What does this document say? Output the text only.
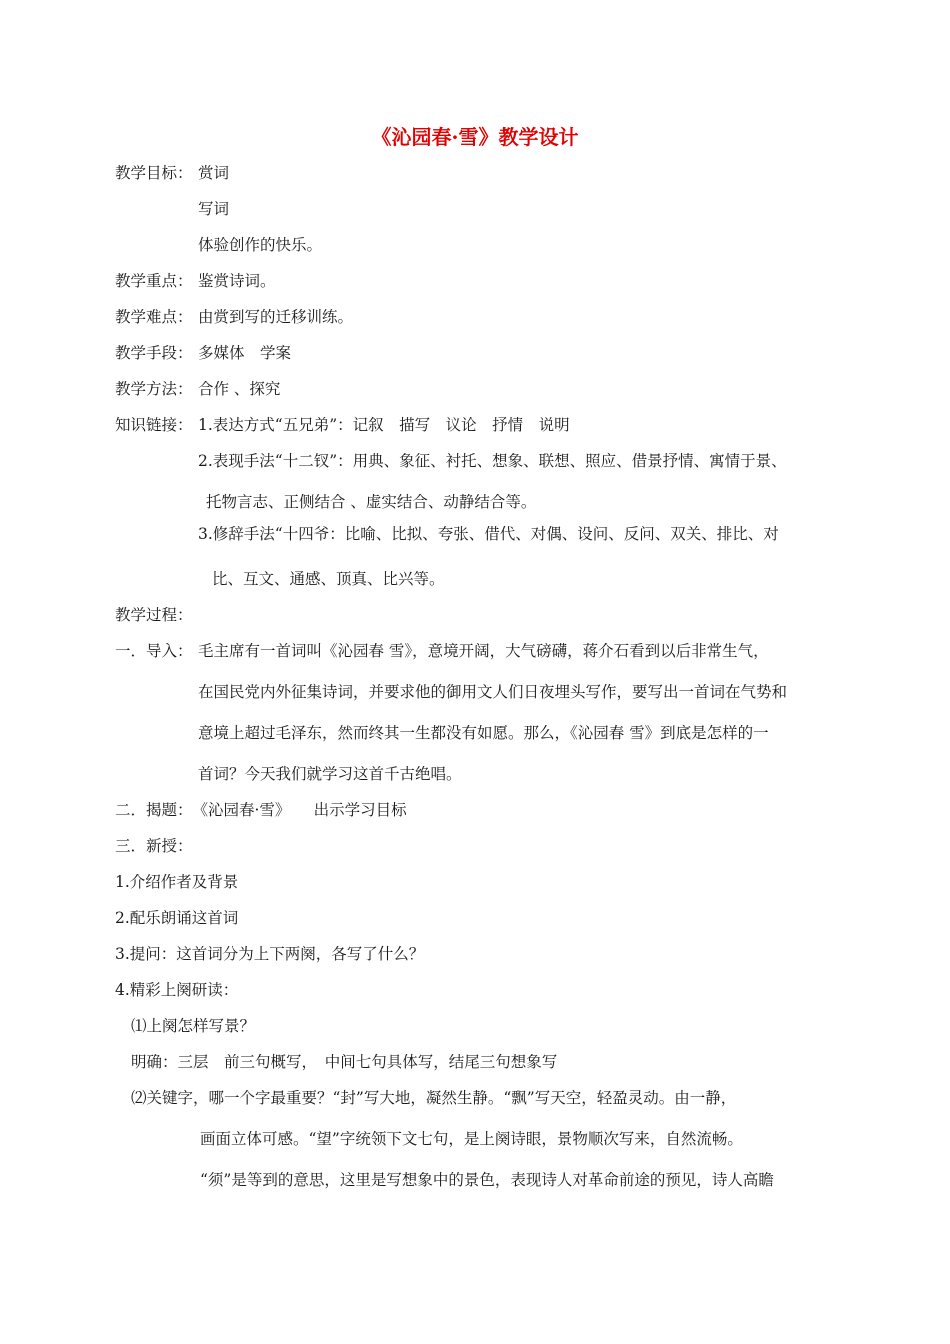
《沁园春·雪》教学设计
教学目标： 赏词
写词
体验创作的快乐。
教学重点： 鉴赏诗词。
教学难点： 由赏到写的迁移训练。
教学手段： 多媒体　学案
教学方法： 合作 、探究
知识链接： 1.表达方式“五兄弟”：记叙　描写　议论　抒情　说明
2.表现手法“十二钗”：用典、象征、衬托、想象、联想、照应、借景抒情、寓情于景、
托物言志、正侧结合 、虚实结合、动静结合等。
3.修辞手法“十四爷：比喻、比拟、夸张、借代、对偶、设问、反问、双关、排比、对
比、互文、通感、顶真、比兴等。
教学过程：
一．导入： 毛主席有一首词叫《沁园春 雪》，意境开阔，大气磅礴，蒋介石看到以后非常生气，
在国民党内外征集诗词，并要求他的御用文人们日夜埋头写作，要写出一首词在气势和
意境上超过毛泽东，然而终其一生都没有如愿。那么，《沁园春 雪》到底是怎样的一
首词？今天我们就学习这首千古绝唱。
二．揭题：　《沁园春·雪》　　出示学习目标
三．新授：
1.介绍作者及背景
2.配乐朗诵这首词
3.提问：这首词分为上下两阕，各写了什么？
4.精彩上阕研读：
⑴上阕怎样写景？
明确：三层　前三句概写，　中间七句具体写，结尾三句想象写
⑵关键字，哪一个字最重要？“封”写大地，凝然生静。“飘”写天空，轻盈灵动。由一静，
画面立体可感。“望”字统领下文七句，是上阕诗眼，景物顺次写来，自然流畅。
“须”是等到的意思，这里是写想象中的景色，表现诗人对革命前途的预见，诗人高瞻
